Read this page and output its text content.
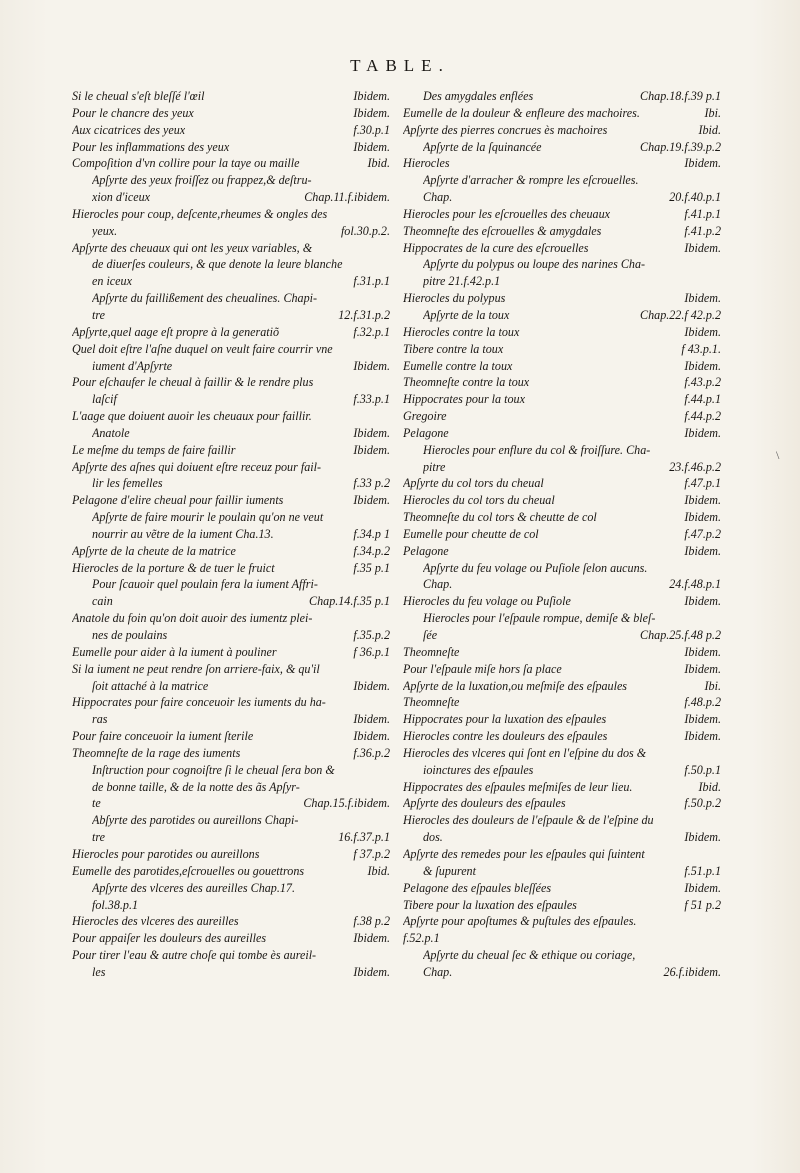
TABLE.
Si le cheual s'eſt bleſſé l'œil	Ibidem.
Pour le chancre des yeux	Ibidem.
Aux cicatrices des yeux	f.30.p.1
Pour les inflammations des yeux	Ibidem.
Compoſition d'vn collire pour la taye ou maille	Ibid.
Apſyrte des yeux froiſſez ou frappez,& deſtru-
xion d'iceux	Chap.11.f.ibidem.
Hierocles pour coup, deſcente,rheumes & ongles des
yeux.	fol.30.p.2.
Apſyrte des cheuaux qui ont les yeux variables, &
de diuerſes couleurs, & que denote la leure blanche
en iceux	f.31.p.1
Apſyrte du faillißement des cheualines. Chapi-
tre	12.f.31.p.2
Apſyrte,quel aage eſt propre à la generatiõ	f.32.p.1
Quel doit eſtre l'aſne duquel on veult faire courrir vne
iument d'Apſyrte	Ibidem.
Pour eſchaufer le cheual à faillir & le rendre plus
laſcif	f.33.p.1
L'aage que doiuent auoir les cheuaux pour faillir.
Anatole	Ibidem.
Le meſme du temps de faire faillir	Ibidem.
Apſyrte des aſnes qui doiuent eſtre receuz pour fail-
lir les femelles	f.33 p.2
Pelagone d'elire cheual pour faillir iuments	Ibidem.
Apſyrte de faire mourir le poulain qu'on ne veut
nourrir au vẽtre de la iument Cha.13.	f.34.p 1
Apſyrte de la cheute de la matrice	f.34.p.2
Hierocles de la porture & de tuer le fruict	f.35 p.1
Pour ſcauoir quel poulain fera la iument Affri-
cain	Chap.14.f.35 p.1
Anatole du foin qu'on doit auoir des iumentz plei-
nes de poulains	f.35.p.2
Eumelle pour aider à la iument à pouliner	f 36.p.1
Si la iument ne peut rendre ſon arriere-faix, & qu'il
ſoit attaché à la matrice	Ibidem.
Hippocrates pour faire conceuoir les iuments du ha-
ras	Ibidem.
Pour faire conceuoir la iument ſterile	Ibidem.
Theomneſte de la rage des iuments	f.36.p.2
Inſtruction pour cognoiſtre ſi le cheual ſera bon &
de bonne taille, & de la notte des ãs Apſyr-
te	Chap.15.f.ibidem.
Abſyrte des parotides ou aureillons Chapi-
tre	16.f.37.p.1
Hierocles pour parotides ou aureillons	f 37.p.2
Eumelle des parotides,eſcrouelles ou gouettrons	Ibid.
Apſyrte des vlceres des aureilles Chap.17.
fol.38.p.1
Hierocles des vlceres des aureilles	f.38 p.2
Pour appaiſer les douleurs des aureilles	Ibidem.
Pour tirer l'eau & autre choſe qui tombe ès aureil-
les	Ibidem.
Des amygdales enflées	Chap.18.f.39 p.1
Eumelle de la douleur & enfleure des machoires.	Ibi.
Apſyrte des pierres concrues ès machoires	Ibid.
Apſyrte de la ſquinancée	Chap.19.f.39.p.2
Hierocles	Ibidem.
Apſyrte d'arracher & rompre les eſcrouelles.
Chap.	20.f.40.p.1
Hierocles pour les eſcrouelles des cheuaux	f.41.p.1
Theomneſte des eſcrouelles & amygdales	f.41.p.2
Hippocrates de la cure des eſcrouelles	Ibidem.
Apſyrte du polypus ou loupe des narines Cha-
pitre 21.f.42.p.1
Hierocles du polypus	Ibidem.
Apſyrte de la toux	Chap.22.f 42.p.2
Hierocles contre la toux	Ibidem.
Tibere contre la toux	f 43.p.1.
Eumelle contre la toux	Ibidem.
Theomneſte contre la toux	f.43.p.2
Hippocrates pour la toux	f.44.p.1
Gregoire	f.44.p.2
Pelagone	Ibidem.
Hierocles pour enflure du col & froiſſure. Cha-
pitre	23.f.46.p.2
Apſyrte du col tors du cheual	f.47.p.1
Hierocles du col tors du cheual	Ibidem.
Theomneſte du col tors & cheutte de col	Ibidem.
Eumelle pour cheutte de col	f.47.p.2
Pelagone	Ibidem.
Apſyrte du feu volage ou Puſiole ſelon aucuns.
Chap.	24.f.48.p.1
Hierocles du feu volage ou Puſiole	Ibidem.
Hierocles pour l'eſpaule rompue, demiſe & bleſ-
ſée	Chap.25.f.48 p.2
Theomneſte	Ibidem.
Pour l'eſpaule miſe hors ſa place	Ibidem.
Apſyrte de la luxation,ou meſmiſe des eſpaules	Ibi.
Theomneſte	f.48.p.2
Hippocrates pour la luxation des eſpaules	Ibidem.
Hierocles contre les douleurs des eſpaules	Ibidem.
Hierocles des vlceres qui ſont en l'eſpine du dos &
ioinctures des eſpaules	f.50.p.1
Hippocrates des eſpaules meſmiſes de leur lieu.	Ibid.
Apſyrte des douleurs des eſpaules	f.50.p.2
Hierocles des douleurs de l'eſpaule & de l'eſpine du
dos.	Ibidem.
Apſyrte des remedes pour les eſpaules qui ſuintent
& ſupurent	f.51.p.1
Pelagone des eſpaules bleſſées	Ibidem.
Tibere pour la luxation des eſpaules	f 51 p.2
Apſyrte pour apoſtumes & puſtules des eſpaules.
f.52.p.1
Apſyrte du cheual ſec & ethique ou coriage,
Chap.	26.f.ibidem.
\
